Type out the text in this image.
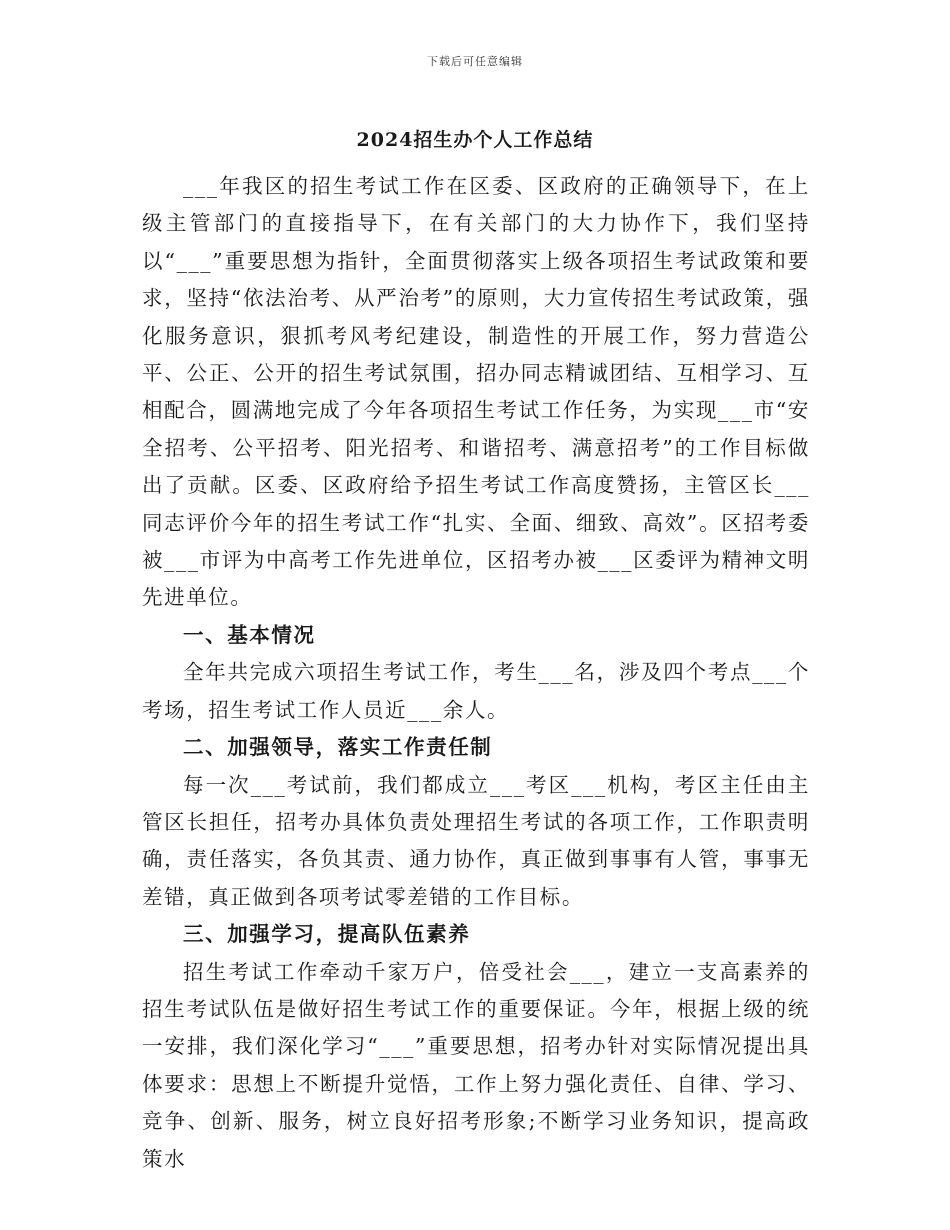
下载后可任意编辑
2024招生办个人工作总结

___年我区的招生考试工作在区委、区政府的正确领导下，在上级主管部门的直接指导下，在有关部门的大力协作下，我们坚持以“___”重要思想为指针，全面贯彻落实上级各项招生考试政策和要求，坚持“依法治考、从严治考”的原则，大力宣传招生考试政策，强化服务意识，狠抓考风考纪建设，制造性的开展工作，努力营造公平、公正、公开的招生考试氛围，招办同志精诚团结、互相学习、互相配合，圆满地完成了今年各项招生考试工作任务，为实现___市“安全招考、公平招考、阳光招考、和谐招考、满意招考”的工作目标做出了贡献。区委、区政府给予招生考试工作高度赞扬，主管区长___同志评价今年的招生考试工作“扎实、全面、细致、高效”。区招考委被___市评为中高考工作先进单位，区招考办被___区委评为精神文明先进单位。

一、基本情况

全年共完成六项招生考试工作，考生___名，涉及四个考点___个考场，招生考试工作人员近___余人。

二、加强领导，落实工作责任制

每一次___考试前，我们都成立___考区___机构，考区主任由主管区长担任，招考办具体负责处理招生考试的各项工作，工作职责明确，责任落实，各负其责、通力协作，真正做到事事有人管，事事无差错，真正做到各项考试零差错的工作目标。

三、加强学习，提高队伍素养

招生考试工作牵动千家万户，倍受社会___，建立一支高素养的招生考试队伍是做好招生考试工作的重要保证。今年，根据上级的统一安排，我们深化学习“___”重要思想，招考办针对实际情况提出具体要求：思想上不断提升觉悟，工作上努力强化责任、自律、学习、竞争、创新、服务，树立良好招考形象;不断学习业务知识，提高政策水
